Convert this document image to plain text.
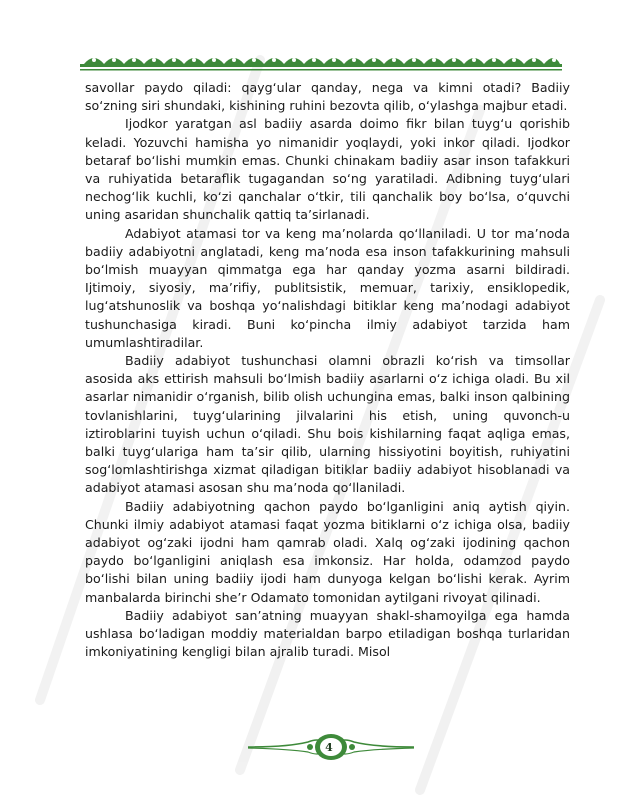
savollar paydo qiladi: qayg‘ular qanday, nega va kimni otadi? Badiiy so‘zning siri shundaki, kishining ruhini bezovta qilib, o‘ylashga majbur etadi.

Ijodkor yaratgan asl badiiy asarda doimo fikr bilan tuyg‘u qorishib keladi. Yozuvchi hamisha yo nimanidir yoqlaydi, yoki inkor qiladi. Ijodkor betaraf bo‘lishi mumkin emas. Chunki chinakam badiiy asar inson tafakkuri va ruhiyatida betaraflik tugagandan so‘ng yaratiladi. Adibning tuyg‘ulari nechog‘lik kuchli, ko‘zi qanchalar o‘tkir, tili qanchalik boy bo‘lsa, o‘quvchi uning asaridan shunchalik qattiq ta’sirlanadi.

Adabiyot atamasi tor va keng ma’nolarda qo‘llaniladi. U tor ma’noda badiiy adabiyotni anglatadi, keng ma’noda esa inson tafakkurining mahsuli bo‘lmish muayyan qimmatga ega har qanday yozma asarni bildiradi. Ijtimoiy, siyosiy, ma’rifiy, publitsistik, memuar, tarixiy, ensiklopedik, lug‘atshunoslik va boshqa yo‘nalishdagi bitiklar keng ma’nodagi adabiyot tushunchasiga kiradi. Buni ko‘pincha ilmiy adabiyot tarzida ham umumlashtiradilar.

Badiiy adabiyot tushunchasi olamni obrazli ko‘rish va timsollar asosida aks ettirish mahsuli bo‘lmish badiiy asarlarni o‘z ichiga oladi. Bu xil asarlar nimanidir o‘rganish, bilib olish uchungina emas, balki inson qalbining tovlanishlarini, tuyg‘ularining jilvalarini his etish, uning quvonch-u iztiroblarini tuyish uchun o‘qiladi. Shu bois kishilarning faqat aqliga emas, balki tuyg‘ulariga ham ta’sir qilib, ularning hissiyotini boyitish, ruhiyatini sog‘lomlashtirishga xizmat qiladigan bitiklar badiiy adabiyot hisoblanadi va adabiyot atamasi asosan shu ma’noda qo‘llaniladi.

Badiiy adabiyotning qachon paydo bo‘lganligini aniq aytish qiyin. Chunki ilmiy adabiyot atamasi faqat yozma bitiklarni o‘z ichiga olsa, badiiy adabiyot og‘zaki ijodni ham qamrab oladi. Xalq og‘zaki ijodining qachon paydo bo‘lganligini aniqlash esa imkonsiz. Har holda, odamzod paydo bo‘lishi bilan uning badiiy ijodi ham dunyoga kelgan bo‘lishi kerak. Ayrim manbalarda birinchi she’r Odamato tomonidan aytilgani rivoyat qilinadi.

Badiiy adabiyot san’atning muayyan shakl-shamoyilga ega hamda ushlasa bo‘ladigan moddiy materialdan barpo etiladigan boshqa turlaridan imkoniyatining kengligi bilan ajralib turadi. Misol

4
